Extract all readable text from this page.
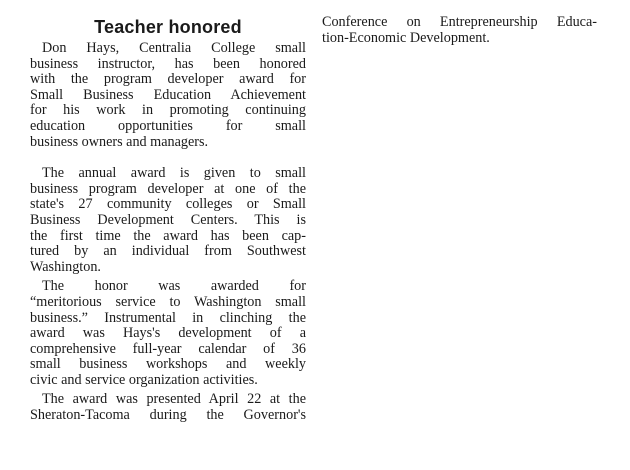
Teacher honored
Don Hays, Centralia College small
business instructor, has been honored
with the program developer award for
Small Business Education Achievement
for his work in promoting continuing
education opportunities for small
business owners and managers.
The annual award is given to small
business program developer at one of the
state's 27 community colleges or Small
Business Development Centers. This is
the first time the award has been cap-
tured by an individual from Southwest
Washington.
The honor was awarded for
“meritorious service to Washington small
business.” Instrumental in clinching the
award was Hays's development of a
comprehensive full-year calendar of 36
small business workshops and weekly
civic and service organization activities.
The award was presented April 22 at the
Sheraton-Tacoma during the Governor's
Conference on Entrepreneurship Educa-
tion-Economic Development.
